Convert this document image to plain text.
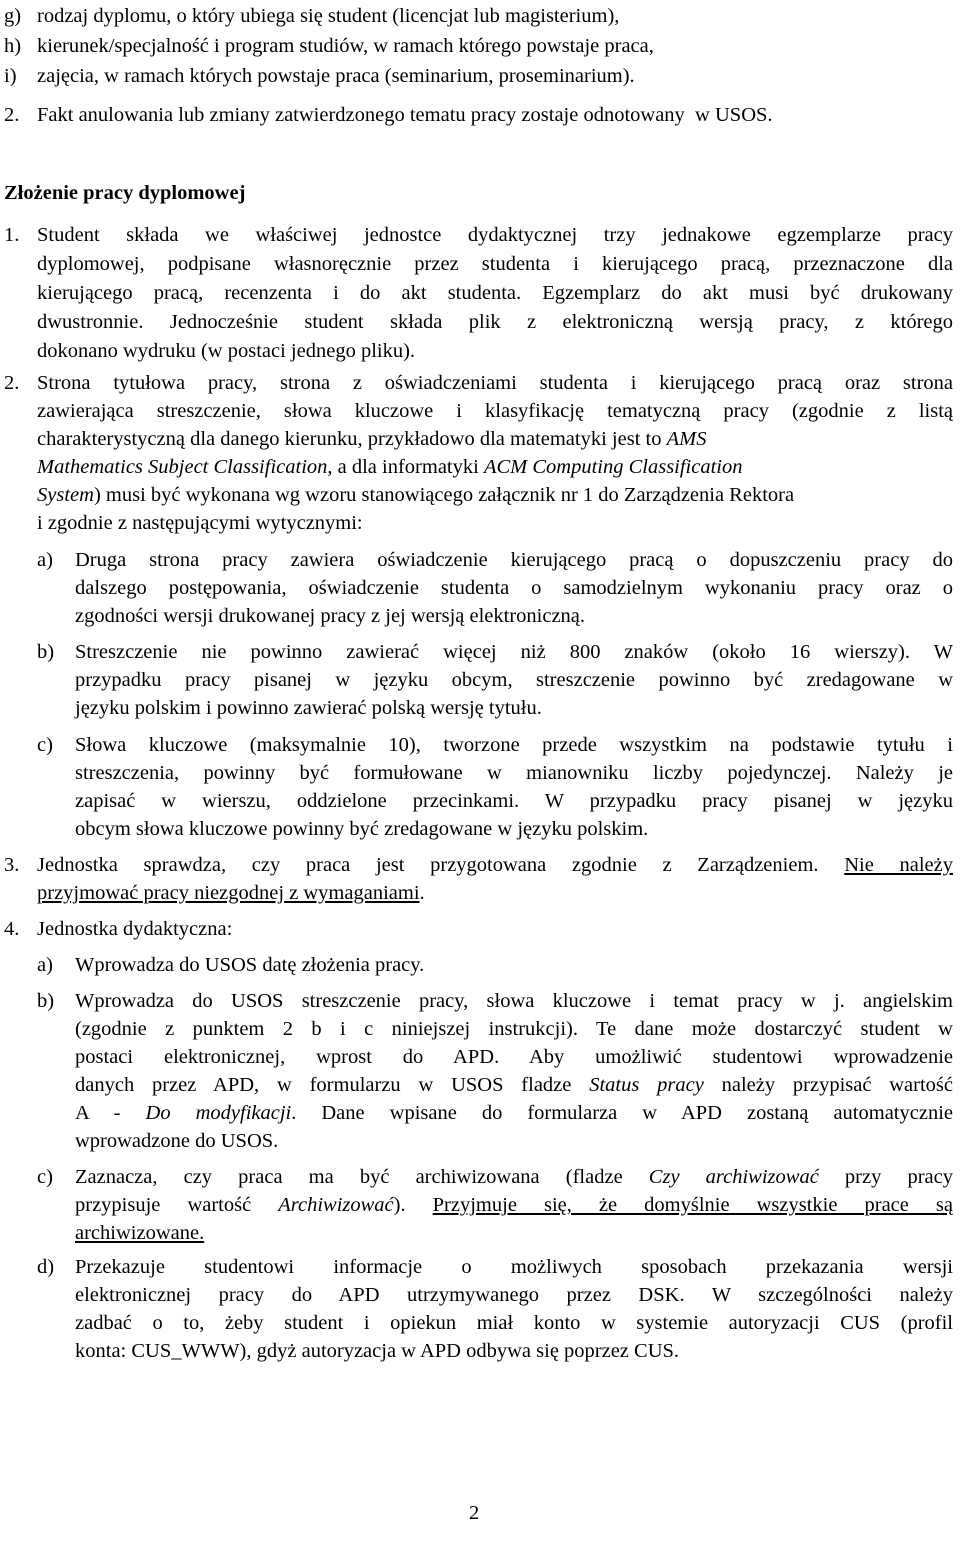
g) rodzaj dyplomu, o który ubiega się student (licencjat lub magisterium),
h) kierunek/specjalność i program studiów, w ramach którego powstaje praca,
i) zajęcia, w ramach których powstaje praca (seminarium, proseminarium).
2. Fakt anulowania lub zmiany zatwierdzonego tematu pracy zostaje odnotowany  w USOS.
Złożenie pracy dyplomowej
1. Student składa we właściwej jednostce dydaktycznej trzy jednakowe egzemplarze pracy
dyplomowej, podpisane własnoręcznie przez studenta i kierującego pracą, przeznaczone dla
kierującego pracą, recenzenta i do akt studenta. Egzemplarz do akt musi być drukowany
dwustronnie. Jednocześnie student składa plik z elektroniczną wersją pracy, z którego
dokonano wydruku (w postaci jednego pliku).
2. Strona tytułowa pracy, strona z oświadczeniami studenta i kierującego pracą oraz strona
zawierająca streszczenie, słowa kluczowe i klasyfikację tematyczną pracy (zgodnie z listą
charakterystyczną dla danego kierunku, przykładowo dla matematyki jest to AMS
Mathematics Subject Classification, a dla informatyki ACM Computing Classification
System) musi być wykonana wg wzoru stanowiącego załącznik nr 1 do Zarządzenia Rektora
i zgodnie z następującymi wytycznymi:
a) Druga strona pracy zawiera oświadczenie kierującego pracą o dopuszczeniu pracy do
dalszego postępowania, oświadczenie studenta o samodzielnym wykonaniu pracy oraz o
zgodności wersji drukowanej pracy z jej wersją elektroniczną.
b) Streszczenie nie powinno zawierać więcej niż 800 znaków (około 16 wierszy). W
przypadku pracy pisanej w języku obcym, streszczenie powinno być zredagowane w
języku polskim i powinno zawierać polską wersję tytułu.
c) Słowa kluczowe (maksymalnie 10), tworzone przede wszystkim na podstawie tytułu i
streszczenia, powinny być formułowane w mianowniku liczby pojedynczej. Należy je
zapisać w wierszu, oddzielone przecinkami. W przypadku pracy pisanej w języku
obcym słowa kluczowe powinny być zredagowane w języku polskim.
3. Jednostka sprawdza, czy praca jest przygotowana zgodnie z Zarządzeniem. Nie należy
przyjmować pracy niezgodnej z wymaganiami.
4. Jednostka dydaktyczna:
a) Wprowadza do USOS datę złożenia pracy.
b) Wprowadza do USOS streszczenie pracy, słowa kluczowe i temat pracy w j. angielskim
(zgodnie z punktem 2 b i c niniejszej instrukcji). Te dane może dostarczyć student w
postaci elektronicznej, wprost do APD. Aby umożliwić studentowi wprowadzenie
danych przez APD, w formularzu w USOS fladze Status pracy należy przypisać wartość
A - Do modyfikacji. Dane wpisane do formularza w APD zostaną automatycznie
wprowadzone do USOS.
c) Zaznacza, czy praca ma być archiwizowana (fladze Czy archiwizować przy pracy
przypisuje wartość Archiwizować). Przyjmuje się, że domyślnie wszystkie prace są
archiwizowane.
d) Przekazuje studentowi informacje o możliwych sposobach przekazania wersji
elektronicznej pracy do APD utrzymywanego przez DSK. W szczególności należy
zadbać o to, żeby student i opiekun miał konto w systemie autoryzacji CUS (profil
konta: CUS_WWW), gdyż autoryzacja w APD odbywa się poprzez CUS.
2
